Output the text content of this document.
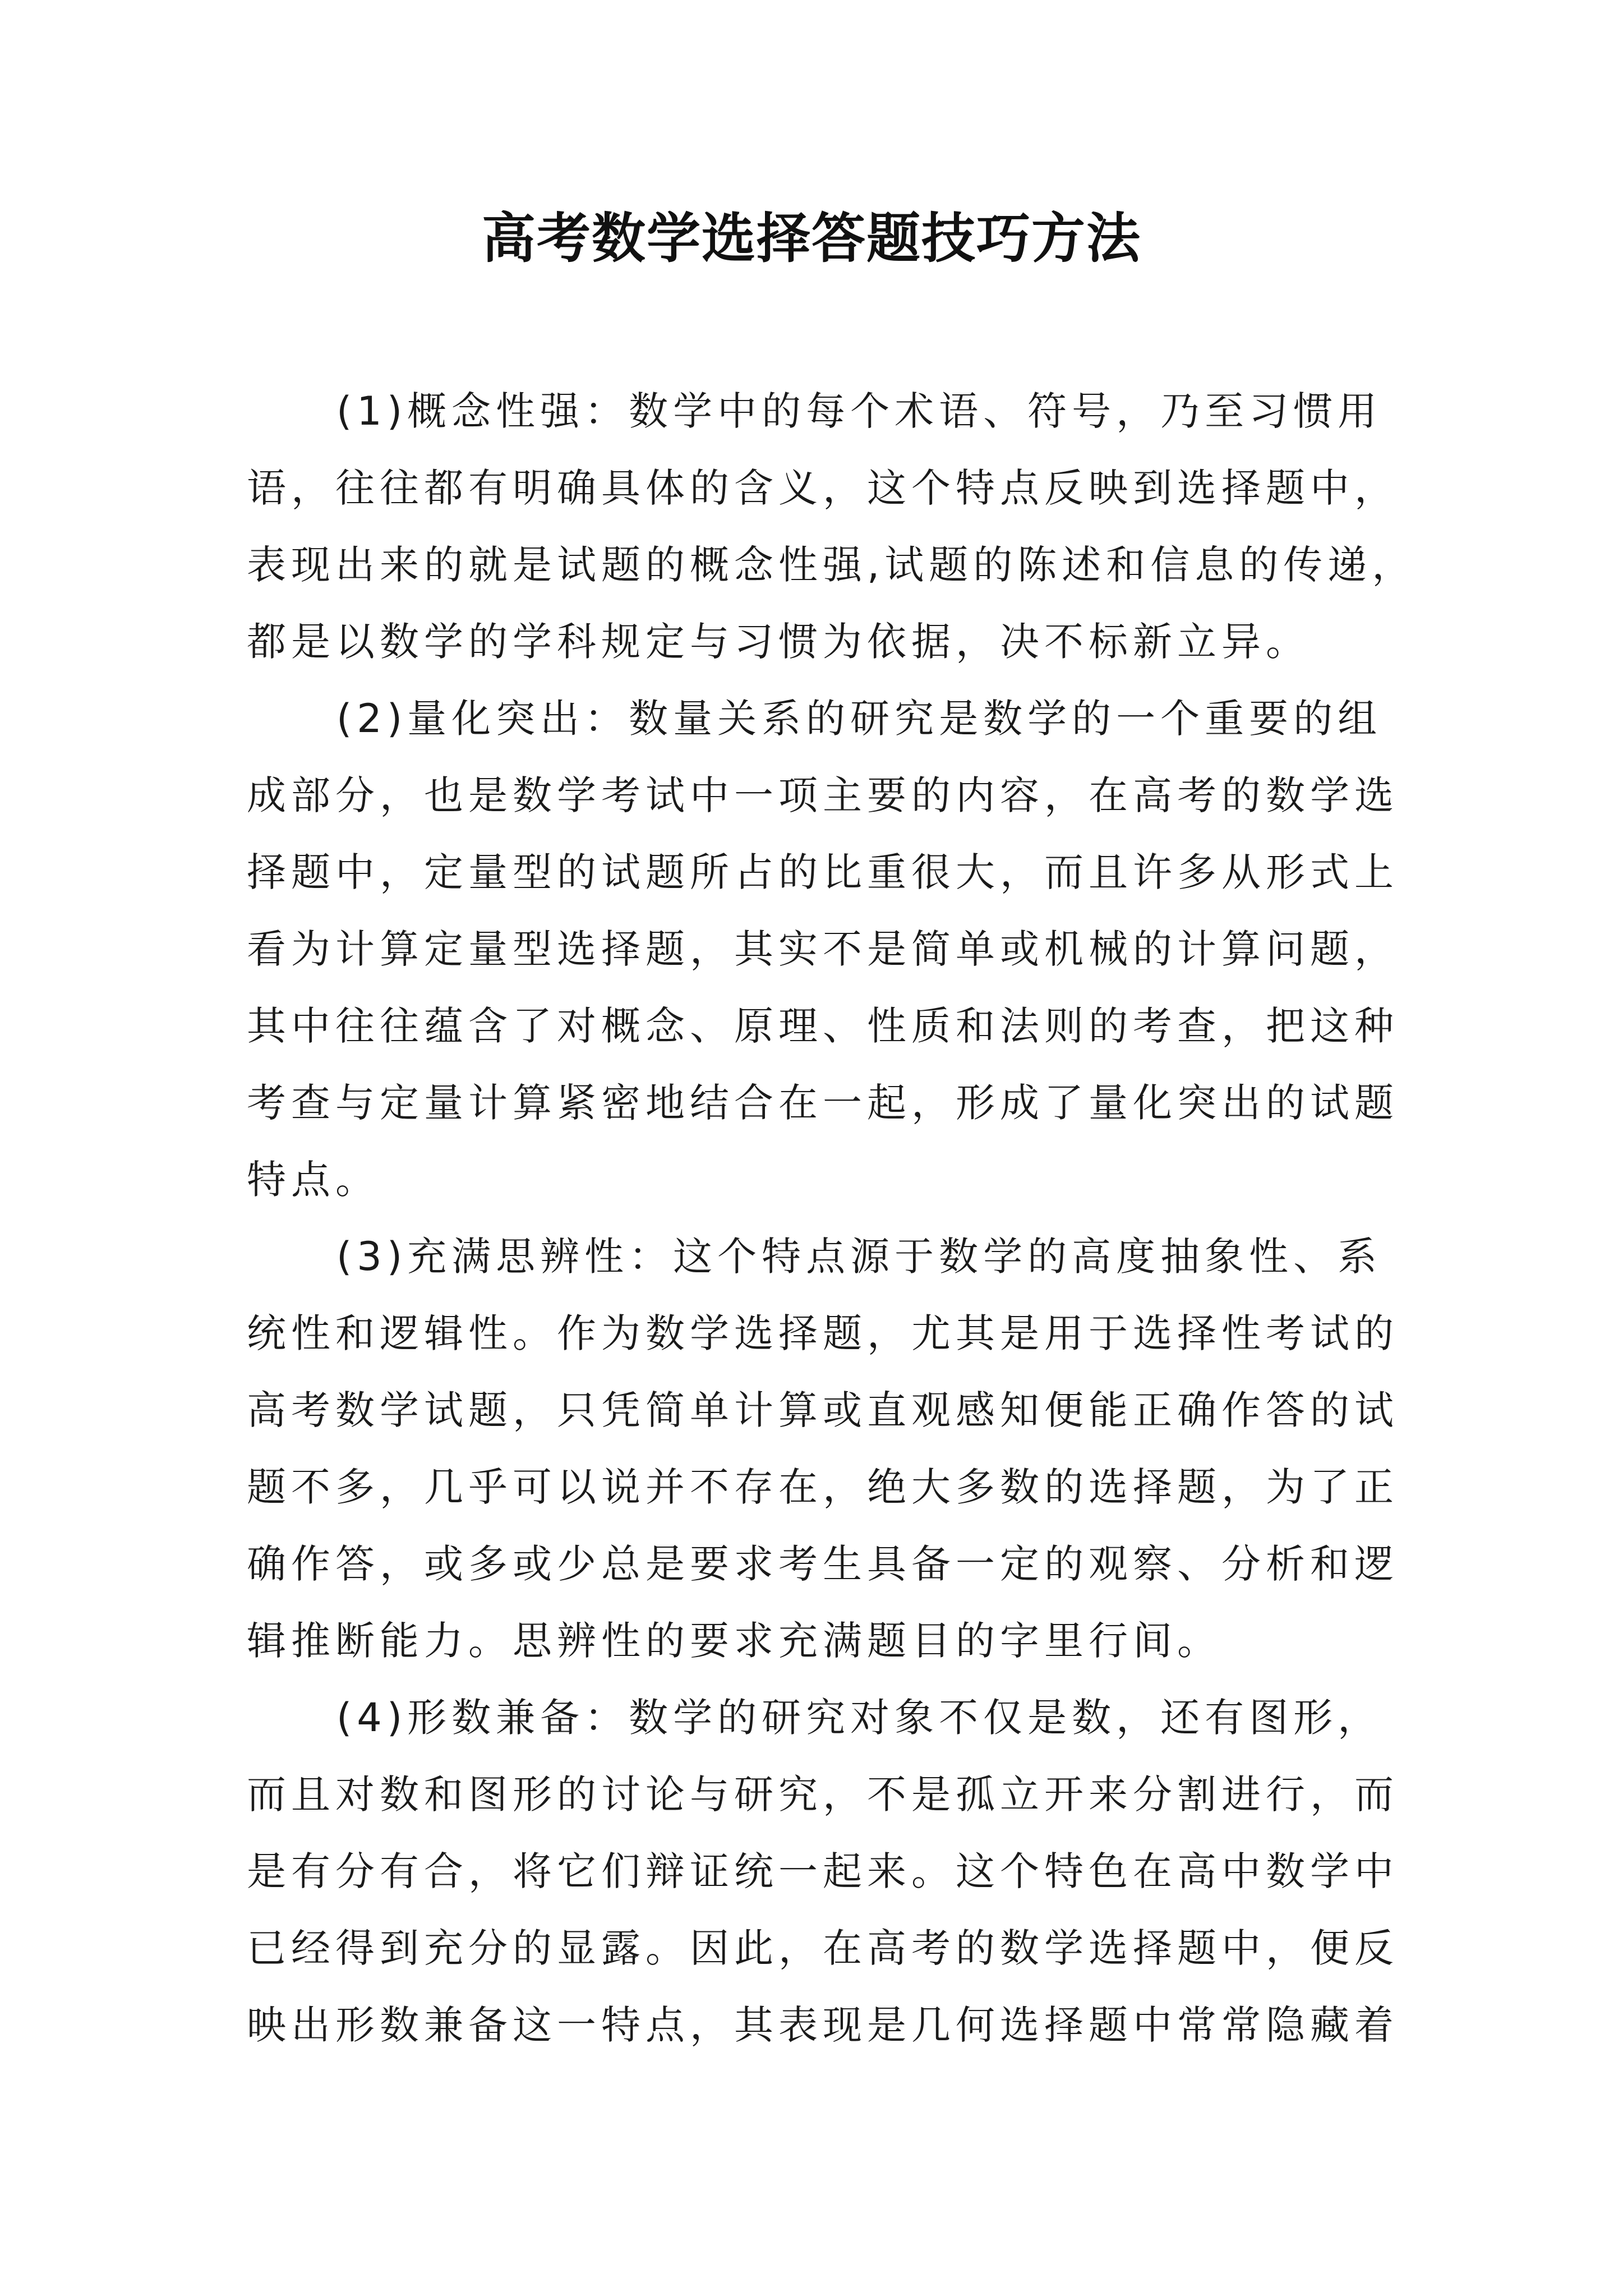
高考数学选择答题技巧方法
(1)概念性强：数学中的每个术语、符号，乃至习惯用
语，往往都有明确具体的含义，这个特点反映到选择题中，
表现出来的就是试题的概念性强,试题的陈述和信息的传递，
都是以数学的学科规定与习惯为依据，决不标新立异。
(2)量化突出：数量关系的研究是数学的一个重要的组
成部分，也是数学考试中一项主要的内容，在高考的数学选
择题中，定量型的试题所占的比重很大，而且许多从形式上
看为计算定量型选择题，其实不是简单或机械的计算问题，
其中往往蕴含了对概念、原理、性质和法则的考查，把这种
考查与定量计算紧密地结合在一起，形成了量化突出的试题
特点。
(3)充满思辨性：这个特点源于数学的高度抽象性、系
统性和逻辑性。作为数学选择题，尤其是用于选择性考试的
高考数学试题，只凭简单计算或直观感知便能正确作答的试
题不多，几乎可以说并不存在，绝大多数的选择题，为了正
确作答，或多或少总是要求考生具备一定的观察、分析和逻
辑推断能力。思辨性的要求充满题目的字里行间。
(4)形数兼备：数学的研究对象不仅是数，还有图形，
而且对数和图形的讨论与研究，不是孤立开来分割进行，而
是有分有合，将它们辩证统一起来。这个特色在高中数学中
已经得到充分的显露。因此，在高考的数学选择题中，便反
映出形数兼备这一特点，其表现是几何选择题中常常隐藏着
